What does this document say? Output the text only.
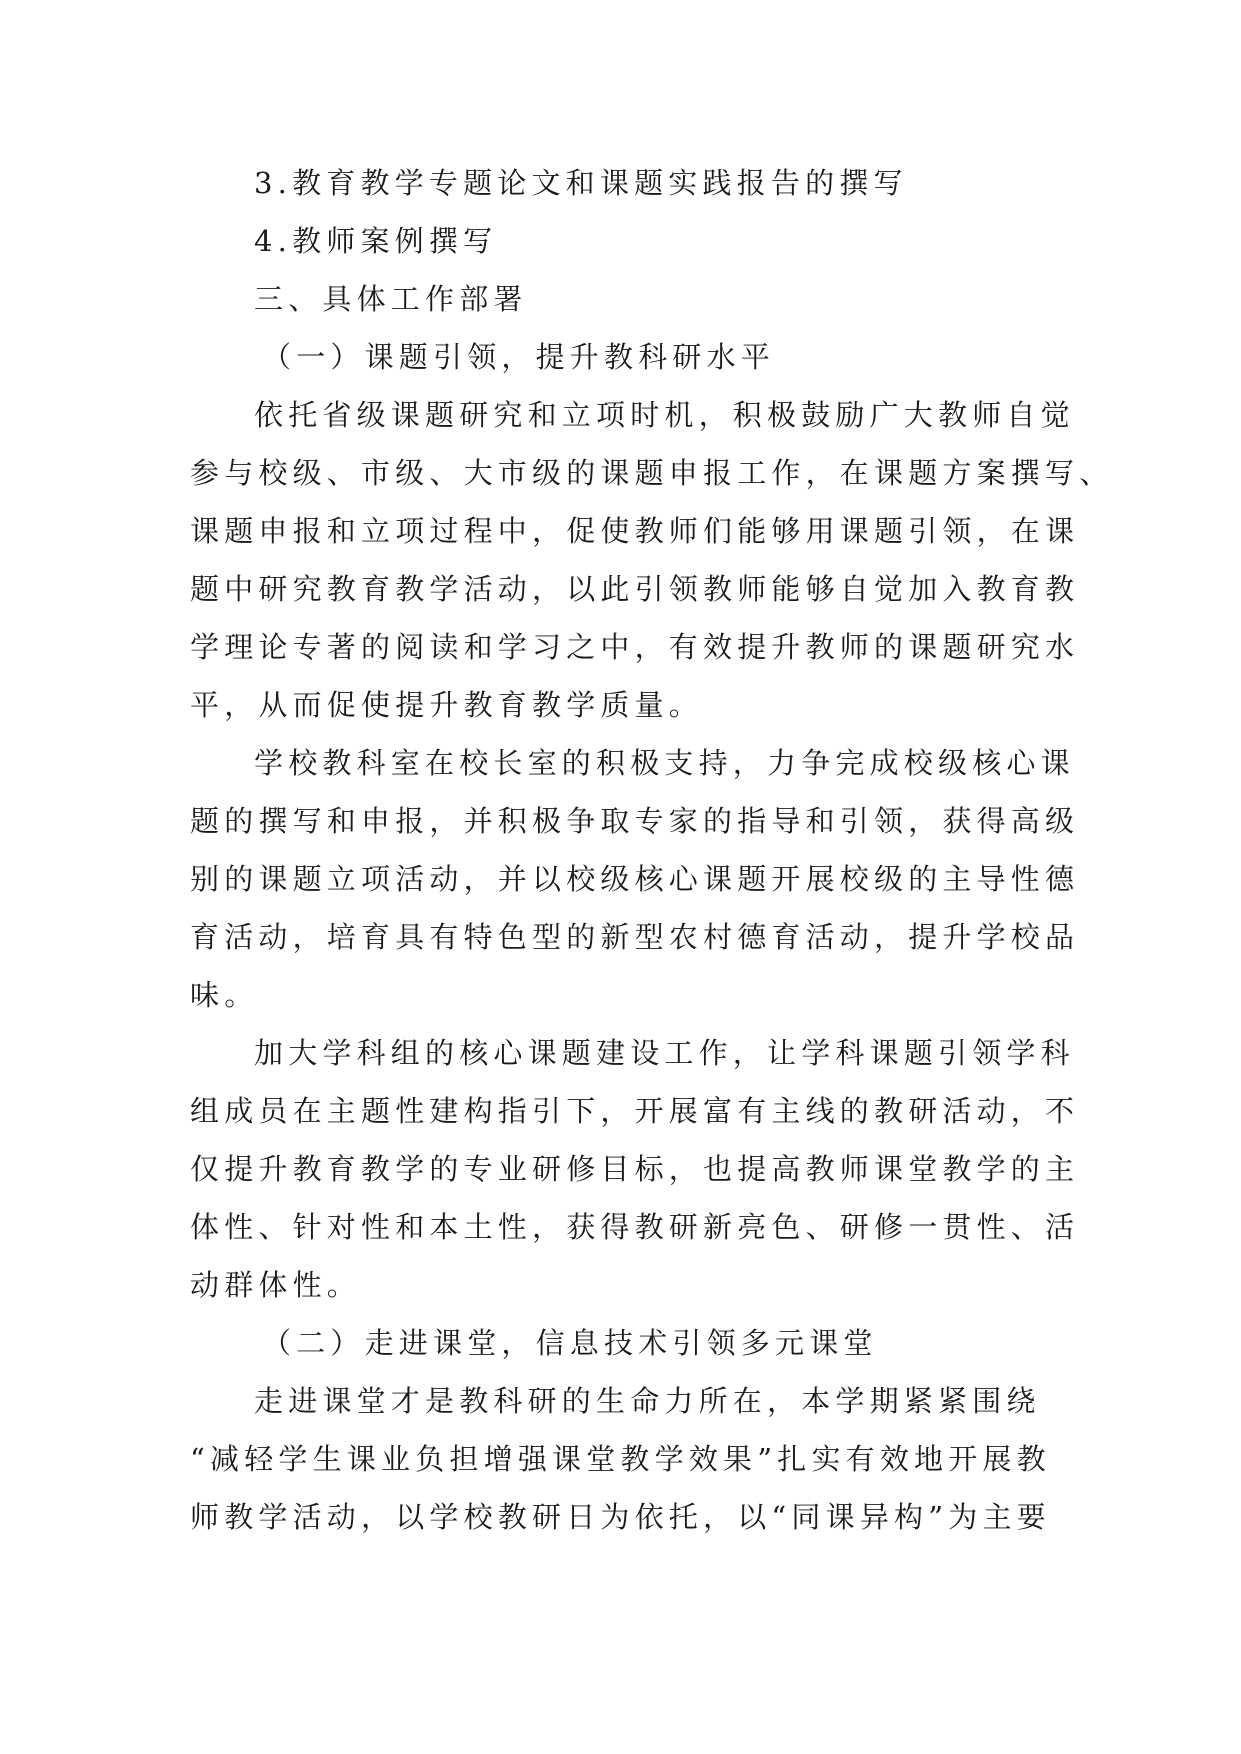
3.教育教学专题论文和课题实践报告的撰写
4.教师案例撰写
三、具体工作部署
（一）课题引领，提升教科研水平
依托省级课题研究和立项时机，积极鼓励广大教师自觉
参与校级、市级、大市级的课题申报工作，在课题方案撰写、
课题申报和立项过程中，促使教师们能够用课题引领，在课
题中研究教育教学活动，以此引领教师能够自觉加入教育教
学理论专著的阅读和学习之中，有效提升教师的课题研究水
平，从而促使提升教育教学质量。
学校教科室在校长室的积极支持，力争完成校级核心课
题的撰写和申报，并积极争取专家的指导和引领，获得高级
别的课题立项活动，并以校级核心课题开展校级的主导性德
育活动，培育具有特色型的新型农村德育活动，提升学校品
味。
加大学科组的核心课题建设工作，让学科课题引领学科
组成员在主题性建构指引下，开展富有主线的教研活动，不
仅提升教育教学的专业研修目标，也提高教师课堂教学的主
体性、针对性和本土性，获得教研新亮色、研修一贯性、活
动群体性。
（二）走进课堂，信息技术引领多元课堂
走进课堂才是教科研的生命力所在，本学期紧紧围绕
“减轻学生课业负担增强课堂教学效果”扎实有效地开展教
师教学活动，以学校教研日为依托，以“同课异构”为主要
